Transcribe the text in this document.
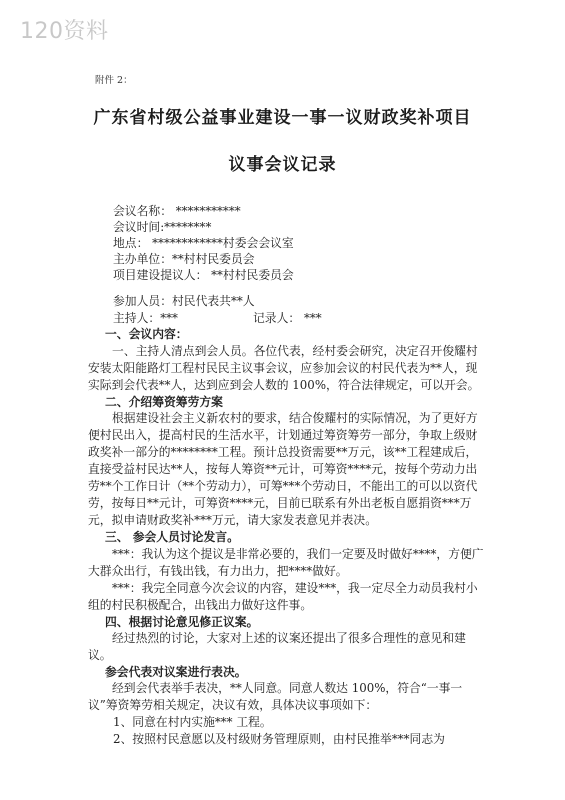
120资料
附件 2：
广东省村级公益事业建设一事一议财政奖补项目
议事会议记录
会议名称： ***********
会议时间:********
地点： ************村委会会议室
主办单位：**村村民委员会
项目建设提议人： **村村民委员会
参加人员：村民代表共**人
主持人：***	记录人： ***
一、会议内容：
一、主持人清点到会人员。各位代表，经村委会研究，决定召开俊耀村安装太阳能路灯工程村民民主议事会议，应参加会议的村民代表为**人，现实际到会代表**人，达到应到会人数的 100%，符合法律规定，可以开会。
二、介绍筹资筹劳方案
根据建设社会主义新农村的要求，结合俊耀村的实际情况，为了更好方便村民出入，提高村民的生活水平，计划通过筹资筹劳一部分，争取上级财政奖补一部分的********工程。预计总投资需要**万元，该**工程建成后，直接受益村民达**人，按每人筹资**元计，可筹资****元，按每个劳动力出劳**个工作日计（**个劳动力），可筹***个劳动日，不能出工的可以以资代劳，按每日**元计，可筹资****元，目前已联系有外出老板自愿捐资***万元，拟申请财政奖补***万元，请大家发表意见并表决。
三、 参会人员讨论发言。
***：我认为这个提议是非常必要的，我们一定要及时做好****，方便广大群众出行，有钱出钱，有力出力，把****做好。
***：我完全同意今次会议的内容，建设***，我一定尽全力动员我村小组的村民积极配合，出钱出力做好这件事。
四、根据讨论意见修正议案。
经过热烈的讨论，大家对上述的议案还提出了很多合理性的意见和建议。
参会代表对议案进行表决。
经到会代表举手表决，**人同意。同意人数达 100%，符合“一事一议”筹资筹劳相关规定，决议有效，具体决议事项如下：
1、同意在村内实施*** 工程。
2、按照村民意愿以及村级财务管理原则，由村民推举***同志为
